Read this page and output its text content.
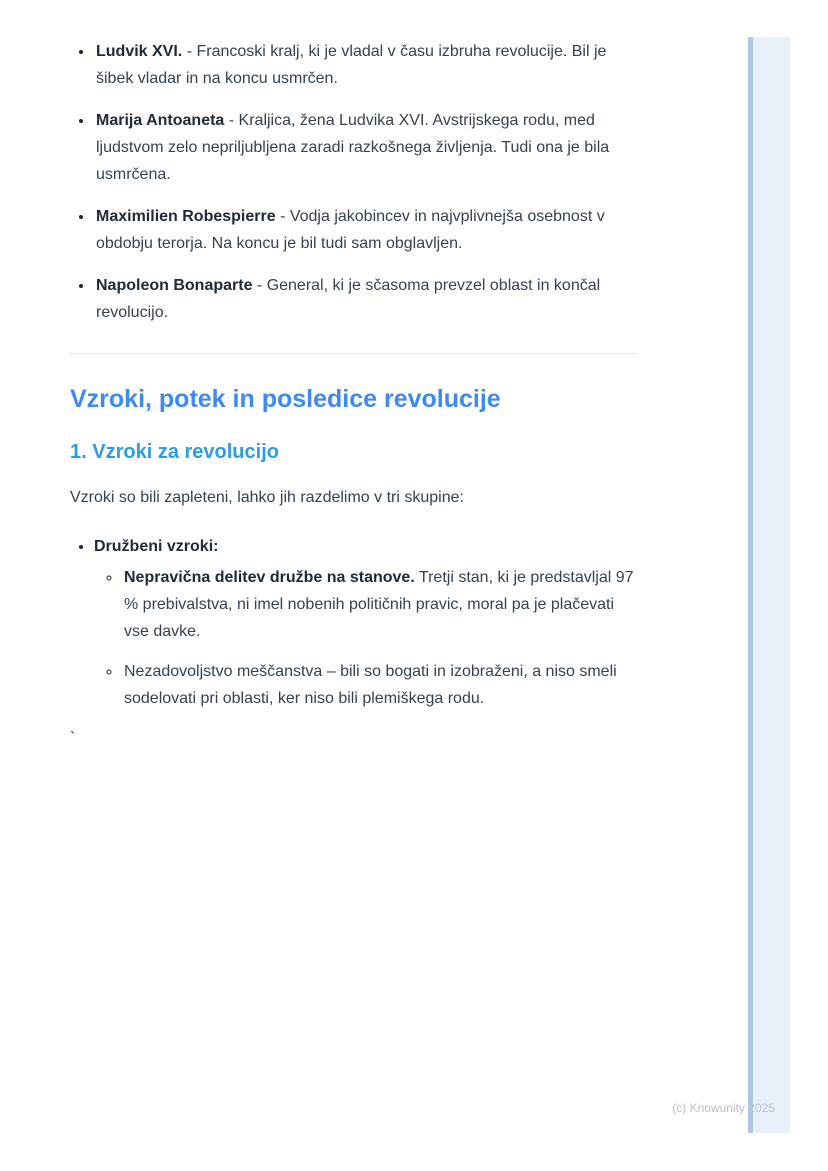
• Ludvik XVI. - Francoski kralj, ki je vladal v času izbruha revolucije. Bil je šibek vladar in na koncu usmrčen.
• Marija Antoaneta - Kraljica, žena Ludvika XVI. Avstrijskega rodu, med ljudstvom zelo nepriljubljena zaradi razkošnega življenja. Tudi ona je bila usmrčena.
• Maximilien Robespierre - Vodja jakobincev in najvplivnejša osebnost v obdobju terorja. Na koncu je bil tudi sam obglavljen.
• Napoleon Bonaparte - General, ki je sčasoma prevzel oblast in končal revolucijo.
Vzroki, potek in posledice revolucije
1. Vzroki za revolucijo

Vzroki so bili zapleteni, lahko jih razdelimo v tri skupine:

• Družbeni vzroki:
◦ Nepravična delitev družbe na stanove. Tretji stan, ki je predstavljal 97 % prebivalstva, ni imel nobenih političnih pravic, moral pa je plačevati vse davke.
◦ Nezadovoljstvo meščanstva – bili so bogati in izobraženi, a niso smeli sodelovati pri oblasti, ker niso bili plemiškega rodu.

`

(c) Knowunity 2025
